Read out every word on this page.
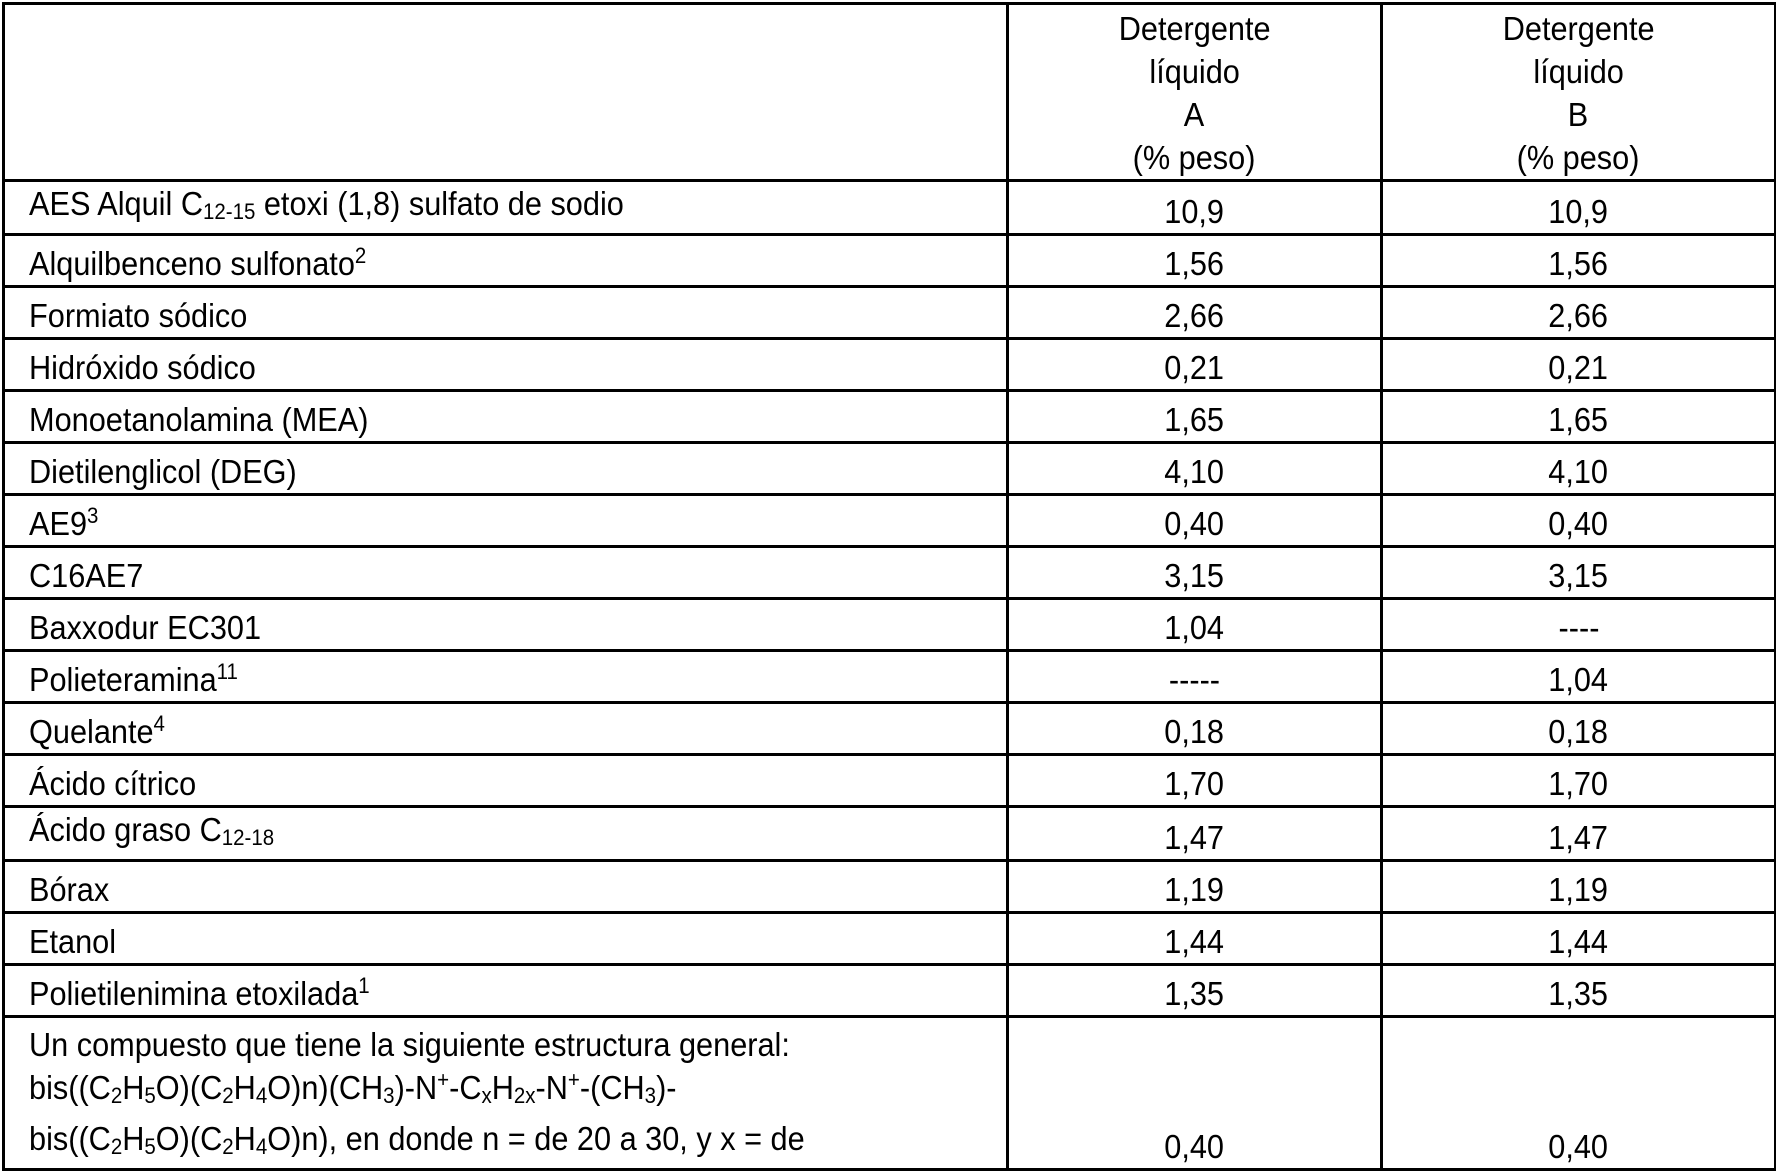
	Detergente
líquido
A
(% peso)	Detergente
líquido
B
(% peso)
AES Alquil C12-15 etoxi (1,8) sulfato de sodio	10,9	10,9
Alquilbenceno sulfonato2	1,56	1,56
Formiato sódico	2,66	2,66
Hidróxido sódico	0,21	0,21
Monoetanolamina (MEA)	1,65	1,65
Dietilenglicol (DEG)	4,10	4,10
AE93	0,40	0,40
C16AE7	3,15	3,15
Baxxodur EC301	1,04	----
Polieteramina11	-----	1,04
Quelante4	0,18	0,18
Ácido cítrico	1,70	1,70
Ácido graso C12-18	1,47	1,47
Bórax	1,19	1,19
Etanol	1,44	1,44
Polietilenimina etoxilada1	1,35	1,35
Un compuesto que tiene la siguiente estructura general:
bis((C2H5O)(C2H4O)n)(CH3)-N+-CxH2x-N+-(CH3)-
bis((C2H5O)(C2H4O)n), en donde n = de 20 a 30, y x = de	0,40	0,40
